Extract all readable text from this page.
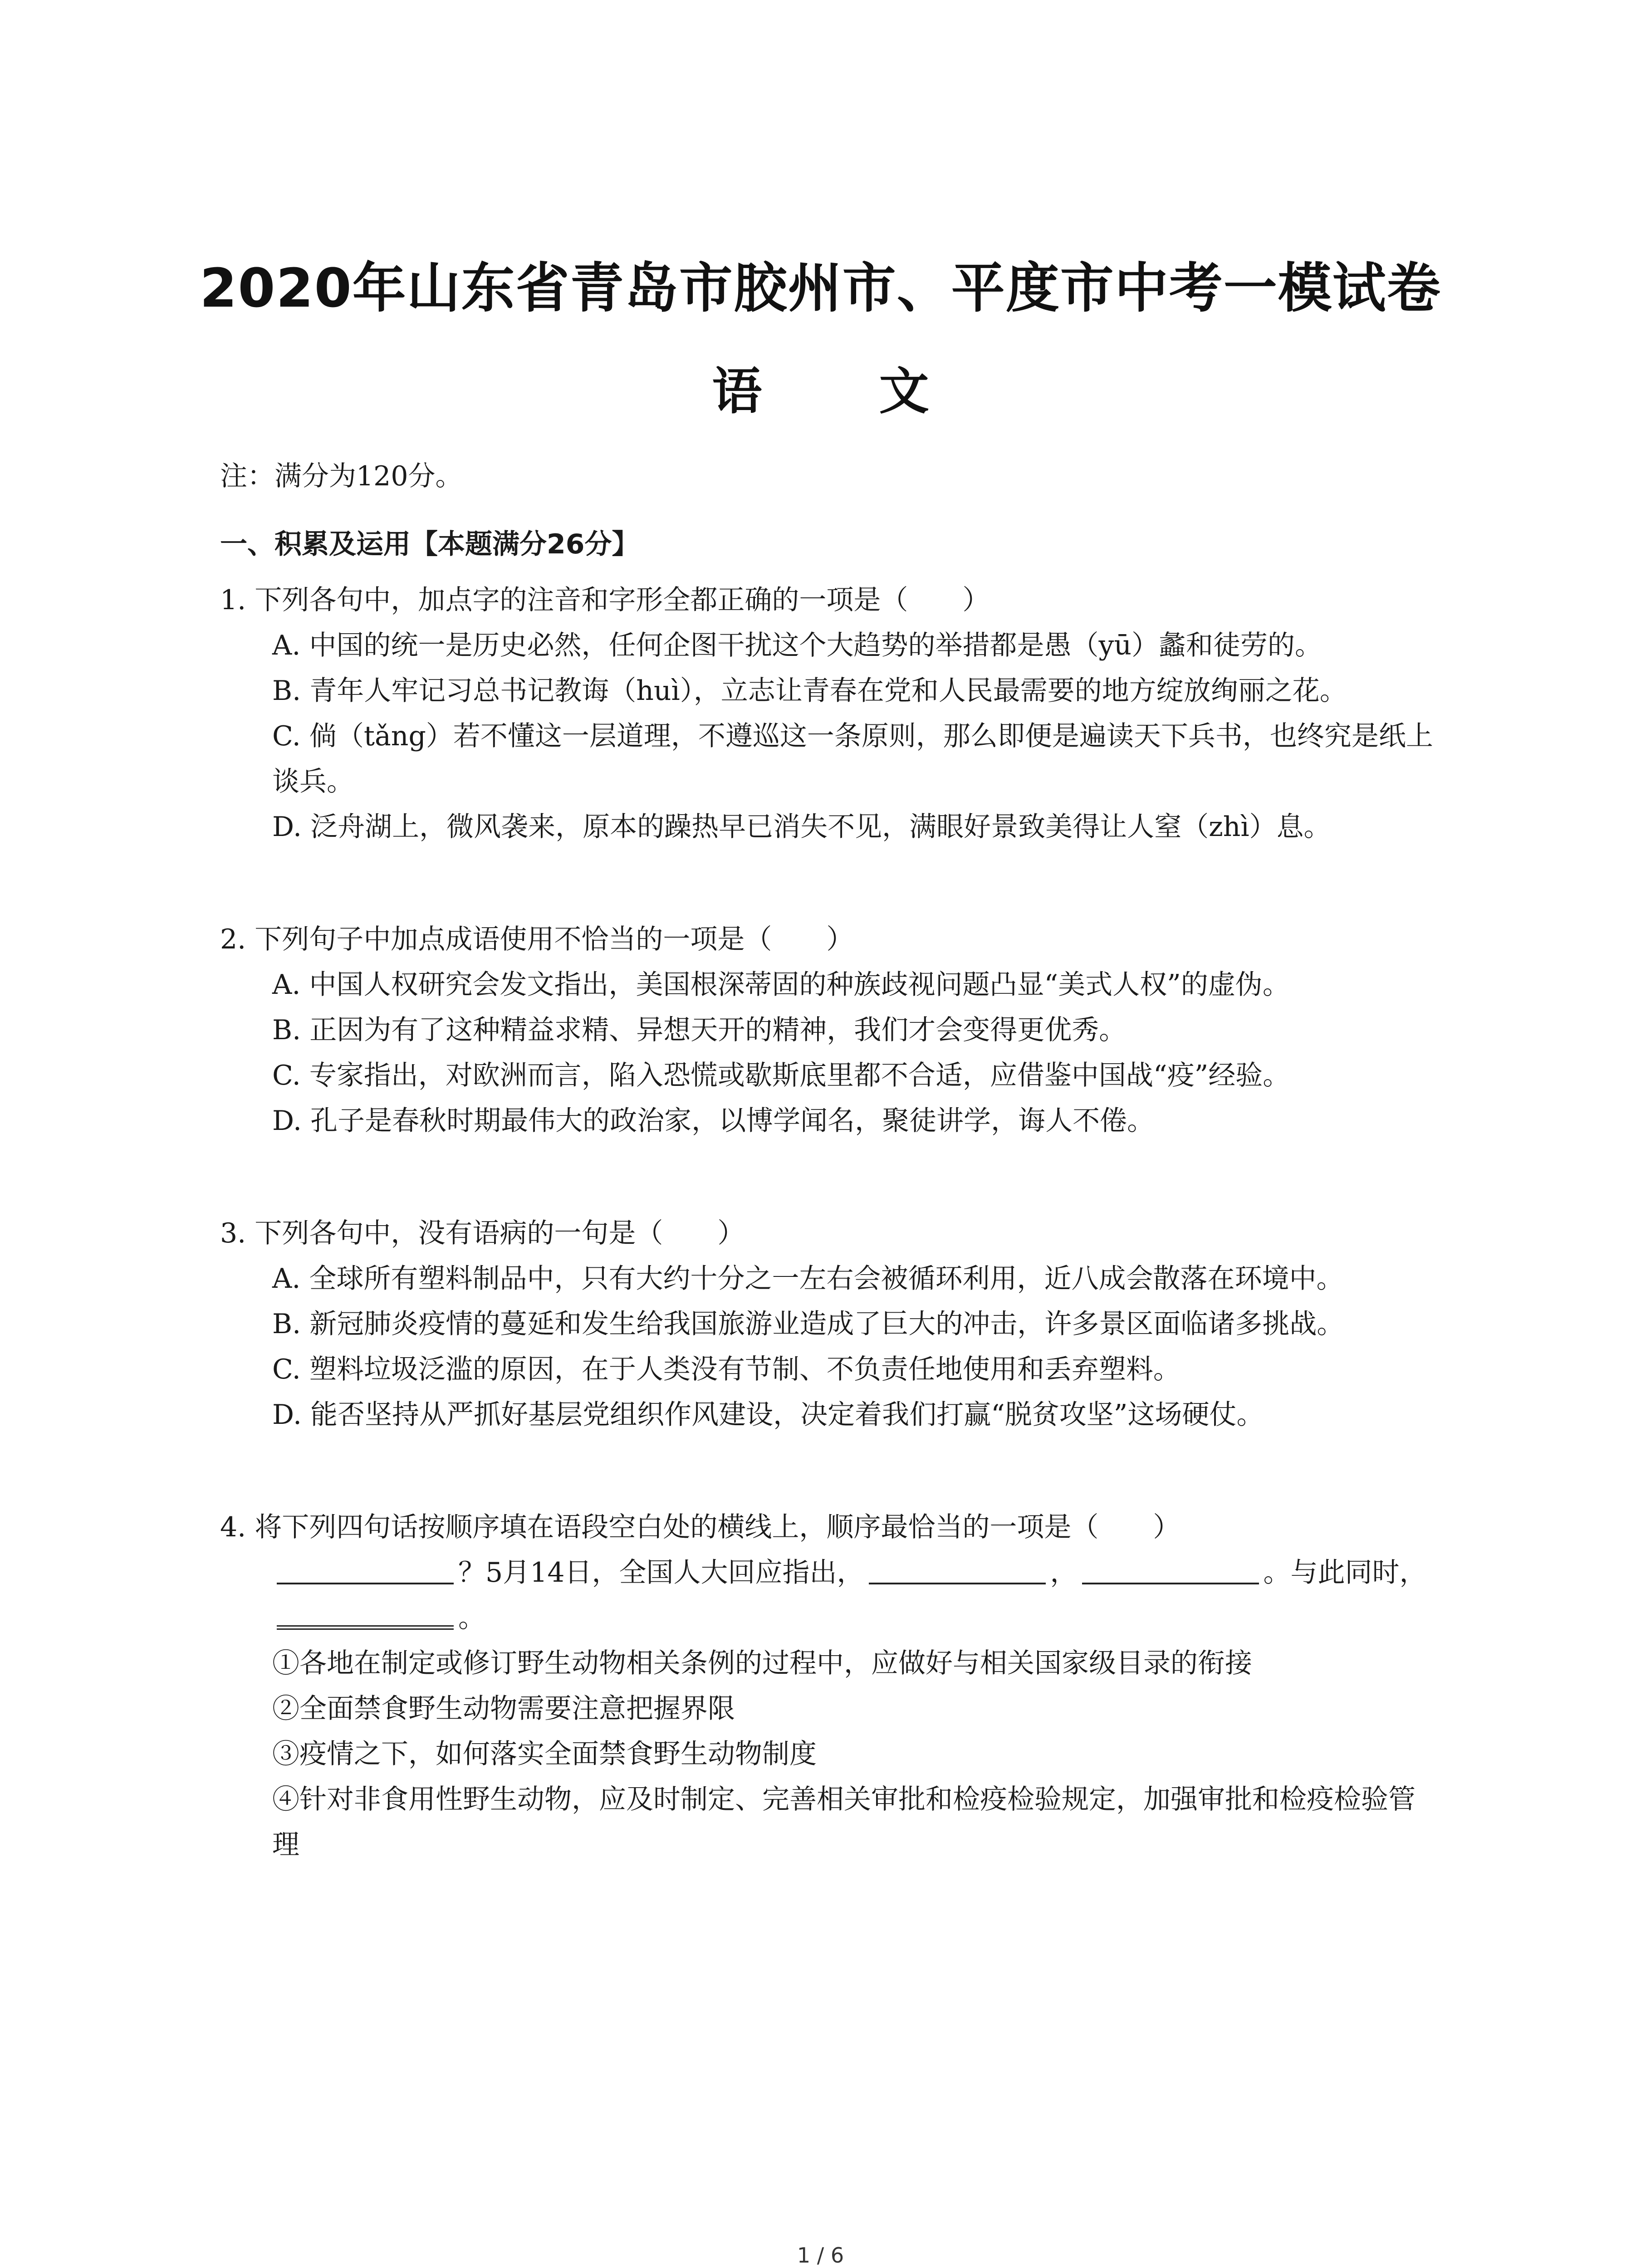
2020年山东省青岛市胶州市、平度市中考一模试卷
语 文
注：满分为120分。
一、积累及运用【本题满分26分】
1. 下列各句中，加点字的注音和字形全都正确的一项是（　　）
A. 中国的统一是历史必然，任何企图干扰这个大趋势的举措都是愚（yū）蠡和徒劳的。
B. 青年人牢记习总书记教诲（huì），立志让青春在党和人民最需要的地方绽放绚丽之花。
C. 倘（tǎng）若不懂这一层道理，不遵巡这一条原则，那么即便是遍读天下兵书，也终究是纸上谈兵。
D. 泛舟湖上，微风袭来，原本的躁热早已消失不见，满眼好景致美得让人窒（zhì）息。
2. 下列句子中加点成语使用不恰当的一项是（　　）
A. 中国人权研究会发文指出，美国根深蒂固的种族歧视问题凸显“美式人权”的虚伪。
B. 正因为有了这种精益求精、异想天开的精神，我们才会变得更优秀。
C. 专家指出，对欧洲而言，陷入恐慌或歇斯底里都不合适，应借鉴中国战“疫”经验。
D. 孔子是春秋时期最伟大的政治家，以博学闻名，聚徒讲学，诲人不倦。
3. 下列各句中，没有语病的一句是（　　）
A. 全球所有塑料制品中，只有大约十分之一左右会被循环利用，近八成会散落在环境中。
B. 新冠肺炎疫情的蔓延和发生给我国旅游业造成了巨大的冲击，许多景区面临诸多挑战。
C. 塑料垃圾泛滥的原因，在于人类没有节制、不负责任地使用和丢弃塑料。
D. 能否坚持从严抓好基层党组织作风建设，决定着我们打赢“脱贫攻坚”这场硬仗。
4. 将下列四句话按顺序填在语段空白处的横线上，顺序最恰当的一项是（　　）
？5月14日，全国人大回应指出，	，	。与此同时，。
①各地在制定或修订野生动物相关条例的过程中，应做好与相关国家级目录的衔接
②全面禁食野生动物需要注意把握界限
③疫情之下，如何落实全面禁食野生动物制度
④针对非食用性野生动物，应及时制定、完善相关审批和检疫检验规定，加强审批和检疫检验管理
1 / 6
